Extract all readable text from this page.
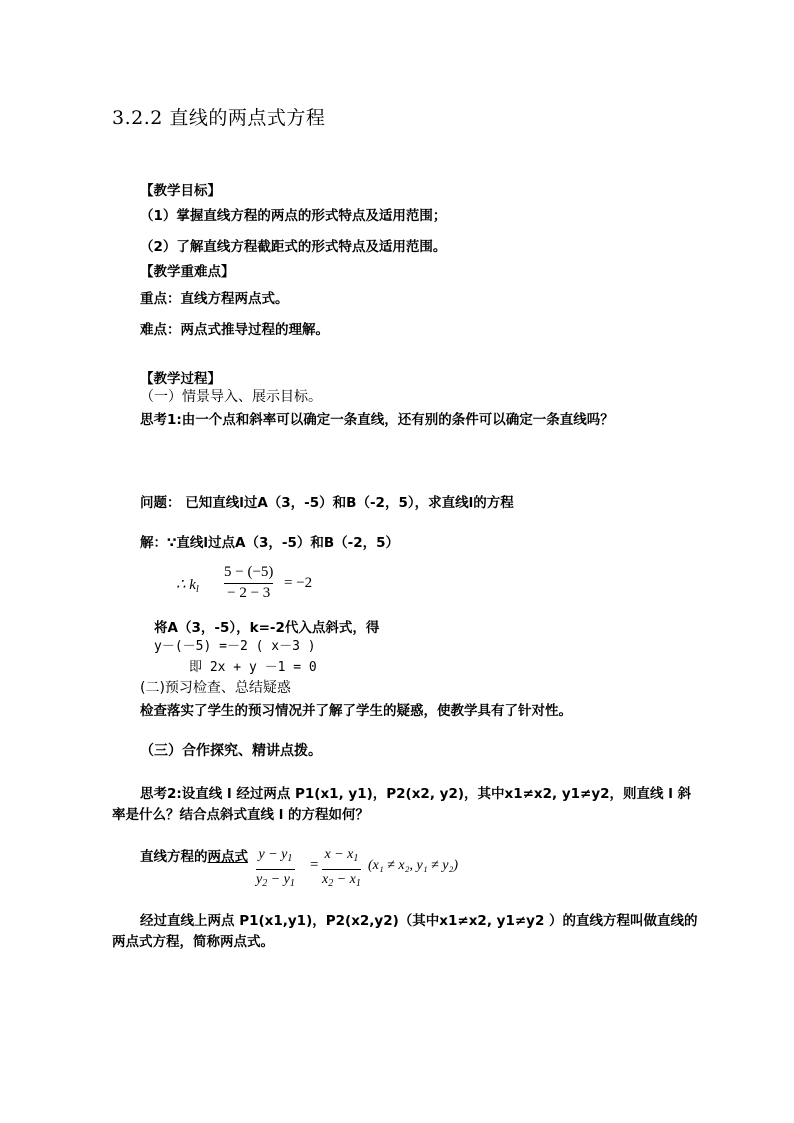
3.2.2 直线的两点式方程
【教学目标】
（1）掌握直线方程的两点的形式特点及适用范围；
（2）了解直线方程截距式的形式特点及适用范围。
【教学重难点】
重点：直线方程两点式。
难点：两点式推导过程的理解。
【教学过程】
（一）情景导入、展示目标。
思考1:由一个点和斜率可以确定一条直线，还有别的条件可以确定一条直线吗？
问题： 已知直线l过A（3，-5）和B（-2，5），求直线l的方程
解：∵直线l过点A（3，-5）和B（-2，5）
∴ $k_l$
5 − (−5)
− 2 − 3
= −2
将A（3，-5），k=-2代入点斜式，得
y－(－5) =－2 ( x－3 )
即 2x + y －1 = 0
(二)预习检查、总结疑惑
检查落实了学生的预习情况并了解了学生的疑惑，使教学具有了针对性。
（三）合作探究、精讲点拨。
思考2:设直线 l 经过两点 P1(x1, y1)，P2(x2, y2)，其中x1≠x2, y1≠y2，则直线 l 斜
率是什么？结合点斜式直线 l 的方程如何？
直线方程的两点式 $y - y_1$
$y_2 - y_1$
=
$x - x_1$
$x_2 - x_1$
(x₁ ≠ x₂, y₁ ≠ y₂)
经过直线上两点 P1(x1,y1)，P2(x2,y2)（其中x1≠x2, y1≠y2 ）的直线方程叫做直线的
两点式方程，简称两点式。
